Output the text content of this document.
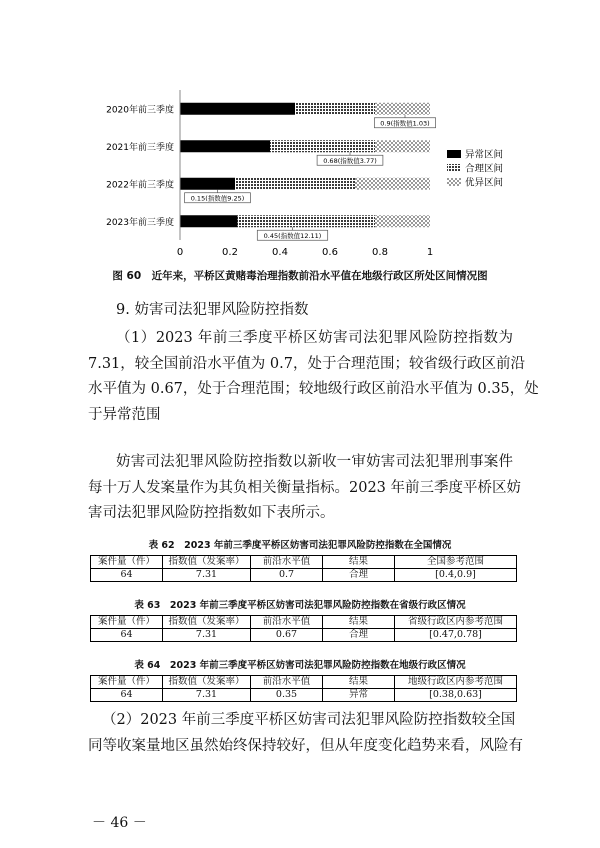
0.9(指数值1.03)
0.68(指数值3.77)
0.15(指数值9.25)
0.45(指数值12.11)
2020年前三季度
2021年前三季度
2022年前三季度
2023年前三季度
0	0.2	0.4	0.6	0.8	1
异常区间
合理区间
优异区间
图 60　近年来，平桥区黄赌毒治理指数前沿水平值在地级行政区所处区间情况图
9. 妨害司法犯罪风险防控指数
（1）2023 年前三季度平桥区妨害司法犯罪风险防控指数为
7.31，较全国前沿水平值为 0.7，处于合理范围；较省级行政区前沿
水平值为 0.67，处于合理范围；较地级行政区前沿水平值为 0.35，处
于异常范围
妨害司法犯罪风险防控指数以新收一审妨害司法犯罪刑事案件
每十万人发案量作为其负相关衡量指标。2023 年前三季度平桥区妨
害司法犯罪风险防控指数如下表所示。
表 62　2023 年前三季度平桥区妨害司法犯罪风险防控指数在全国情况
案件量（件）	指数值（发案率）	前沿水平值	结果	全国参考范围
64	7.31	0.7	合理	[0.4,0.9]
表 63　2023 年前三季度平桥区妨害司法犯罪风险防控指数在省级行政区情况
案件量（件）	指数值（发案率）	前沿水平值	结果	省级行政区内参考范围
64	7.31	0.67	合理	[0.47,0.78]
表 64　2023 年前三季度平桥区妨害司法犯罪风险防控指数在地级行政区情况
案件量（件）	指数值（发案率）	前沿水平值	结果	地级行政区内参考范围
64	7.31	0.35	异常	[0.38,0.63]
（2）2023 年前三季度平桥区妨害司法犯罪风险防控指数较全国
同等收案量地区虽然始终保持较好，但从年度变化趋势来看，风险有
－ 46 －
